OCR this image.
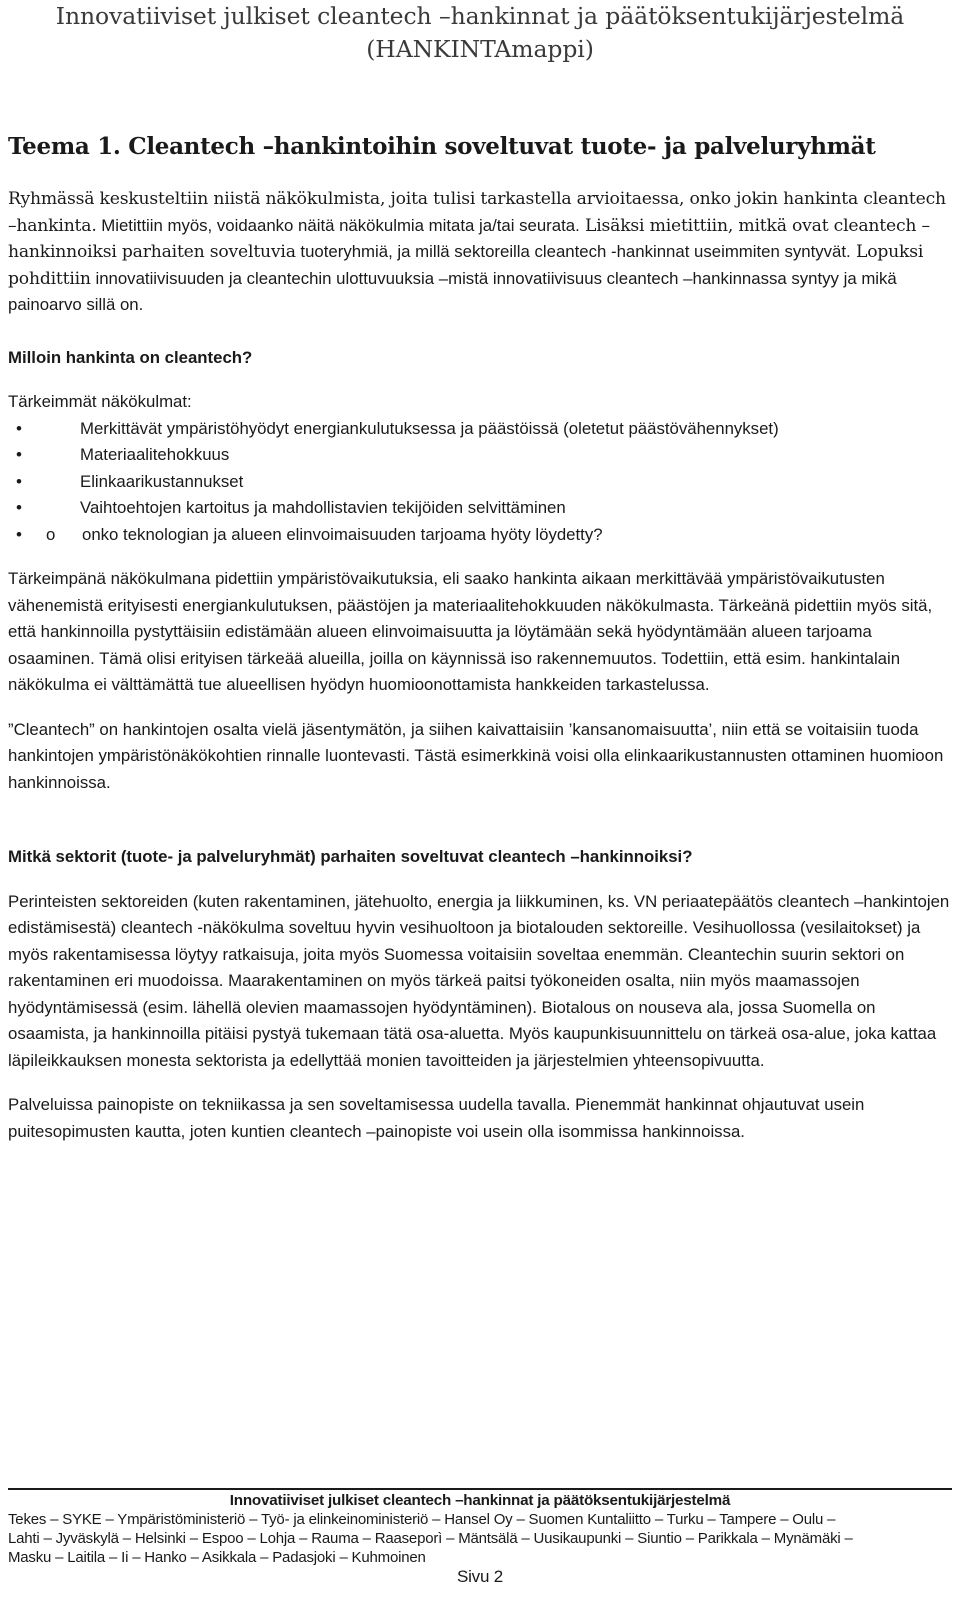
Innovatiiviset julkiset cleantech –hankinnat ja päätöksentukijärjestelmä
(HANKINTAmappi)
Teema 1. Cleantech –hankintoihin soveltuvat tuote- ja palveluryhmät

Ryhmässä keskusteltiin niistä näkökulmista, joita tulisi tarkastella arvioitaessa, onko jokin hankinta cleantech –hankinta. Mietittiin myös, voidaanko näitä näkökulmia mitata ja/tai seurata. Lisäksi mietittiin, mitkä ovat cleantech –hankinnoiksi parhaiten soveltuvia tuoteryhmiä, ja millä sektoreilla cleantech -hankinnat useimmiten syntyvät. Lopuksi pohdittiin innovatiivisuuden ja cleantechin ulottuvuuksia –mistä innovatiivisuus cleantech –hankinnassa syntyy ja mikä painoarvo sillä on.

Milloin hankinta on cleantech?

Tärkeimmät näkökulmat:

• Merkittävät ympäristöhyödyt energiankulutuksessa ja päästöissä (oletetut päästövähennykset)
• Materiaalitehokkuus
• Elinkaarikustannukset
• Vaihtoehtojen kartoitus ja mahdollistavien tekijöiden selvittäminen
o • onko teknologian ja alueen elinvoimaisuuden tarjoama hyöty löydetty?

Tärkeimpänä näkökulmana pidettiin ympäristövaikutuksia, eli saako hankinta aikaan merkittävää ympäristövaikutusten vähenemistä erityisesti energiankulutuksen, päästöjen ja materiaalitehokkuuden näkökulmasta. Tärkeänä pidettiin myös sitä, että hankinnoilla pystyttäisiin edistämään alueen elinvoimaisuutta ja löytämään sekä hyödyntämään alueen tarjoama osaaminen. Tämä olisi erityisen tärkeää alueilla, joilla on käynnissä iso rakennemuutos. Todettiin, että esim. hankintalain näkökulma ei välttämättä tue alueellisen hyödyn huomioonottamista hankkeiden tarkastelussa.

”Cleantech” on hankintojen osalta vielä jäsentymätön, ja siihen kaivattaisiin ’kansanomaisuutta’, niin että se voitaisiin tuoda hankintojen ympäristönäkökohtien rinnalle luontevasti. Tästä esimerkkinä voisi olla elinkaarikustannusten ottaminen huomioon hankinnoissa.

Mitkä sektorit (tuote- ja palveluryhmät) parhaiten soveltuvat cleantech –hankinnoiksi?

Perinteisten sektoreiden (kuten rakentaminen, jätehuolto, energia ja liikkuminen, ks. VN periaatepäätös cleantech –hankintojen edistämisestä) cleantech -näkökulma soveltuu hyvin vesihuoltoon ja biotalouden sektoreille. Vesihuollossa (vesilaitokset) ja myös rakentamisessa löytyy ratkaisuja, joita myös Suomessa voitaisiin soveltaa enemmän. Cleantechin suurin sektori on rakentaminen eri muodoissa. Maarakentaminen on myös tärkeä paitsi työkoneiden osalta, niin myös maamassojen hyödyntämisessä (esim. lähellä olevien maamassojen hyödyntäminen). Biotalous on nouseva ala, jossa Suomella on osaamista, ja hankinnoilla pitäisi pystyä tukemaan tätä osa-aluetta. Myös kaupunkisuunnittelu on tärkeä osa-alue, joka kattaa läpileikkauksen monesta sektorista ja edellyttää monien tavoitteiden ja järjestelmien yhteensopivuutta.

Palveluissa painopiste on tekniikassa ja sen soveltamisessa uudella tavalla. Pienemmät hankinnat ohjautuvat usein puitesopimusten kautta, joten kuntien cleantech –painopiste voi usein olla isommissa hankinnoissa.

Innovatiiviset julkiset cleantech –hankinnat ja päätöksentukijärjestelmä

Tekes – SYKE – Ympäristöministeriö – Työ- ja elinkeinoministeriö – Hansel Oy – Suomen Kuntaliitto – Turku – Tampere – Oulu –

Lahti – Jyväskylä – Helsinki – Espoo – Lohja – Rauma – Raaseporì – Mäntsälä – Uusikaupunki – Siuntio – Parikkala – Mynämäki –

Masku – Laitila – Ii – Hanko – Asikkala – Padasjoki – Kuhmoinen

Sivu 2
